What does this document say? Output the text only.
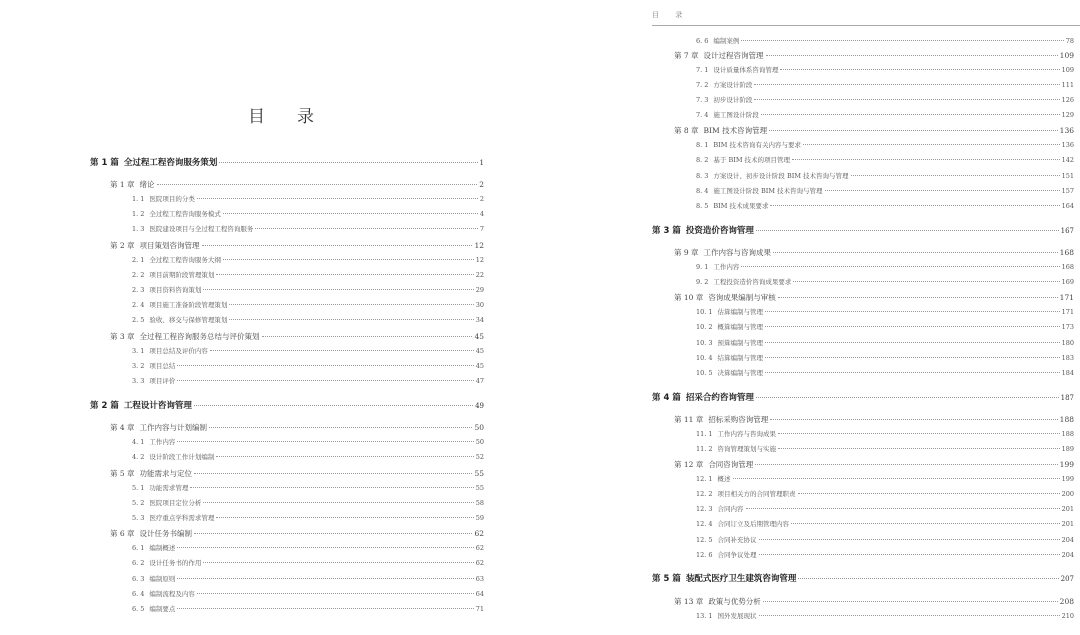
目 录
第 1 篇 全过程工程咨询服务策划	1
第 1 章 绪论	2
1. 1 医院项目的分类	2
1. 2 全过程工程咨询服务模式	4
1. 3 医院建设项目与全过程工程咨询服务	7
第 2 章 项目策划咨询管理	12
2. 1 全过程工程咨询服务大纲	12
2. 2 项目前期阶段管理策划	22
2. 3 项目资料咨询策划	29
2. 4 项目施工准备阶段管理策划	30
2. 5 验收、移交与保修管理策划	34
第 3 章 全过程工程咨询服务总结与评价策划	45
3. 1 项目总结及评价内容	45
3. 2 项目总结	45
3. 3 项目评价	47
第 2 篇 工程设计咨询管理	49
第 4 章 工作内容与计划编制	50
4. 1 工作内容	50
4. 2 设计阶段工作计划编制	52
第 5 章 功能需求与定位	55
5. 1 功能需求管理	55
5. 2 医院项目定位分析	58
5. 3 医疗重点学科需求管理	59
第 6 章 设计任务书编制	62
6. 1 编制概述	62
6. 2 设计任务书的作用	62
6. 3 编制原则	63
6. 4 编制流程及内容	64
6. 5 编制要点	71
目 录
6. 6 编制案例	78
第 7 章 设计过程咨询管理	109
7. 1 设计质量体系咨询管理	109
7. 2 方案设计阶段	111
7. 3 初步设计阶段	126
7. 4 施工图设计阶段	129
第 8 章 BIM 技术咨询管理	136
8. 1 BIM 技术咨询有关内容与要求	136
8. 2 基于 BIM 技术的项目管理	142
8. 3 方案设计、初步设计阶段 BIM 技术咨询与管理	151
8. 4 施工图设计阶段 BIM 技术咨询与管理	157
8. 5 BIM 技术成果要求	164
第 3 篇 投资造价咨询管理	167
第 9 章 工作内容与咨询成果	168
9. 1 工作内容	168
9. 2 工程投资造价咨询成果要求	169
第 10 章 咨询成果编制与审核	171
10. 1 估算编制与管理	171
10. 2 概算编制与管理	173
10. 3 预算编制与管理	180
10. 4 结算编制与管理	183
10. 5 决算编制与管理	184
第 4 篇 招采合约咨询管理	187
第 11 章 招标采购咨询管理	188
11. 1 工作内容与咨询成果	188
11. 2 咨询管理策划与实施	189
第 12 章 合同咨询管理	199
12. 1 概述	199
12. 2 项目相关方的合同管理职责	200
12. 3 合同内容	201
12. 4 合同订立及后期管理内容	201
12. 5 合同补充协议	204
12. 6 合同争议处理	204
第 5 篇 装配式医疗卫生建筑咨询管理	207
第 13 章 政策与优势分析	208
13. 1 国外发展现状	210
